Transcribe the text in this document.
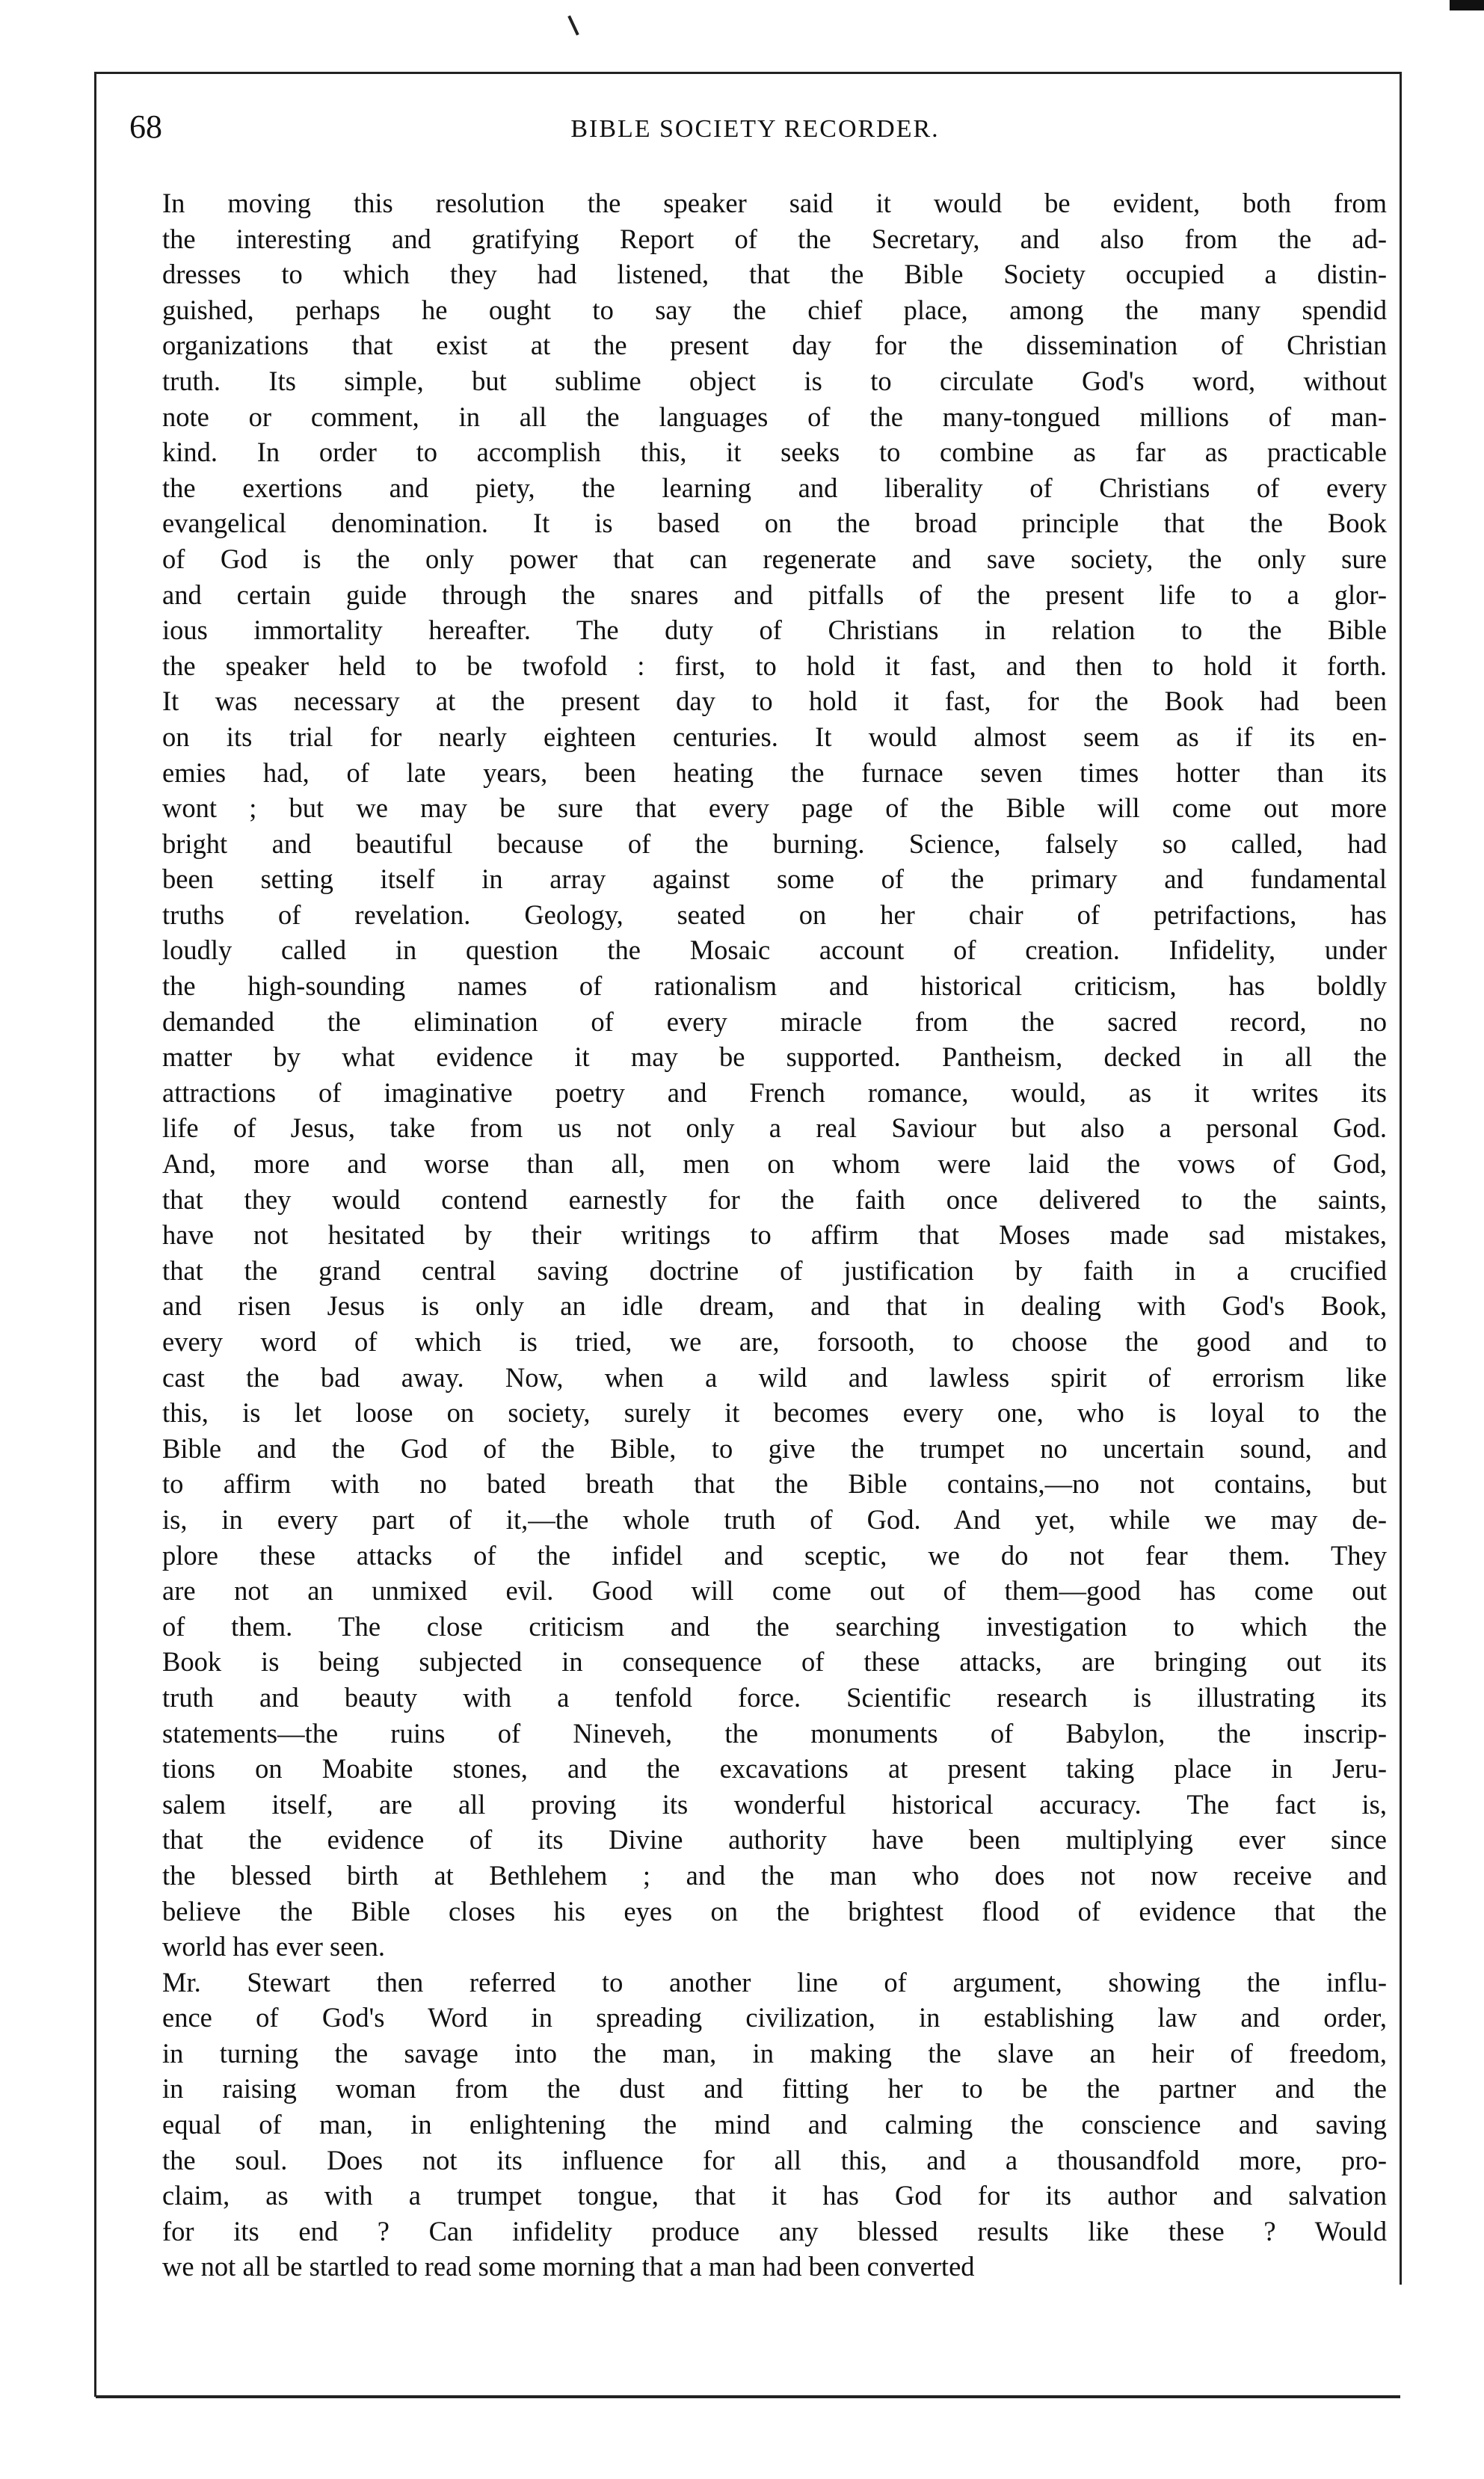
68	BIBLE SOCIETY RECORDER.

In moving this resolution the speaker said it would be evident, both from
the interesting and gratifying Report of the Secretary, and also from the ad-
dresses to which they had listened, that the Bible Society occupied a distin-
guished, perhaps he ought to say the chief place, among the many spendid
organizations that exist at the present day for the dissemination of Christian
truth. Its simple, but sublime object is to circulate God's word, without
note or comment, in all the languages of the many-tongued millions of man-
kind. In order to accomplish this, it seeks to combine as far as practicable
the exertions and piety, the learning and liberality of Christians of every
evangelical denomination. It is based on the broad principle that the Book
of God is the only power that can regenerate and save society, the only sure
and certain guide through the snares and pitfalls of the present life to a glor-
ious immortality hereafter. The duty of Christians in relation to the Bible
the speaker held to be twofold : first, to hold it fast, and then to hold it forth.
It was necessary at the present day to hold it fast, for the Book had been
on its trial for nearly eighteen centuries. It would almost seem as if its en-
emies had, of late years, been heating the furnace seven times hotter than its
wont ; but we may be sure that every page of the Bible will come out more
bright and beautiful because of the burning. Science, falsely so called, had
been setting itself in array against some of the primary and fundamental
truths of revelation. Geology, seated on her chair of petrifactions, has
loudly called in question the Mosaic account of creation. Infidelity, under
the high-sounding names of rationalism and historical criticism, has boldly
demanded the elimination of every miracle from the sacred record, no
matter by what evidence it may be supported. Pantheism, decked in all the
attractions of imaginative poetry and French romance, would, as it writes its
life of Jesus, take from us not only a real Saviour but also a personal God.
And, more and worse than all, men on whom were laid the vows of God,
that they would contend earnestly for the faith once delivered to the saints,
have not hesitated by their writings to affirm that Moses made sad mistakes,
that the grand central saving doctrine of justification by faith in a crucified
and risen Jesus is only an idle dream, and that in dealing with God's Book,
every word of which is tried, we are, forsooth, to choose the good and to
cast the bad away. Now, when a wild and lawless spirit of errorism like
this, is let loose on society, surely it becomes every one, who is loyal to the
Bible and the God of the Bible, to give the trumpet no uncertain sound, and
to affirm with no bated breath that the Bible contains,—no not contains, but
is, in every part of it,—the whole truth of God. And yet, while we may de-
plore these attacks of the infidel and sceptic, we do not fear them. They
are not an unmixed evil. Good will come out of them—good has come out
of them. The close criticism and the searching investigation to which the
Book is being subjected in consequence of these attacks, are bringing out its
truth and beauty with a tenfold force. Scientific research is illustrating its
statements—the ruins of Nineveh, the monuments of Babylon, the inscrip-
tions on Moabite stones, and the excavations at present taking place in Jeru-
salem itself, are all proving its wonderful historical accuracy. The fact is,
that the evidence of its Divine authority have been multiplying ever since
the blessed birth at Bethlehem ; and the man who does not now receive and
believe the Bible closes his eyes on the brightest flood of evidence that the
world has ever seen.

Mr. Stewart then referred to another line of argument, showing the influ-
ence of God's Word in spreading civilization, in establishing law and order,
in turning the savage into the man, in making the slave an heir of freedom,
in raising woman from the dust and fitting her to be the partner and the
equal of man, in enlightening the mind and calming the conscience and saving
the soul. Does not its influence for all this, and a thousandfold more, pro-
claim, as with a trumpet tongue, that it has God for its author and salvation
for its end ? Can infidelity produce any blessed results like these ? Would
we not all be startled to read some morning that a man had been converted
